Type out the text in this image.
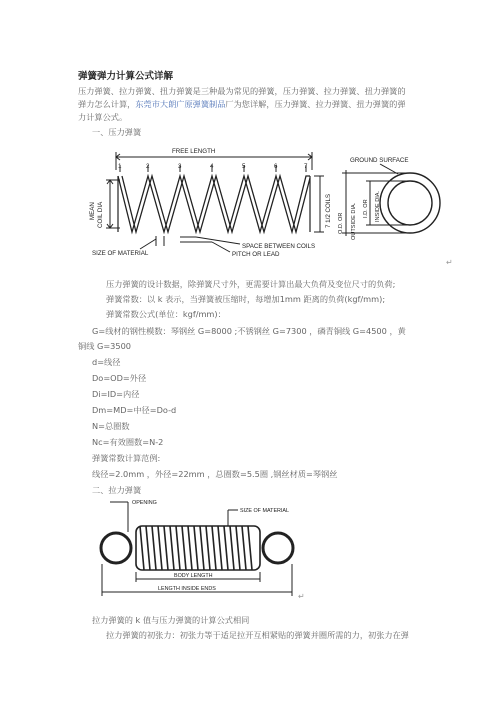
弹簧弹力计算公式详解
压力弹簧、拉力弹簧、扭力弹簧是三种最为常见的弹簧，压力弹簧、拉力弹簧、扭力弹簧的
弹力怎么计算，东莞市大朗广原弹簧制品厂为您详解，压力弹簧、拉力弹簧、扭力弹簧的弹
力计算公式。
一、压力弹簧
FREE LENGTH
1	2	3	4	5	6	7
MEAN COIL DIA	7 1/2 COILS
SIZE OF MATERIAL
SPACE BETWEEN COILS
PITCH OR LEAD
GROUND SURFACE
O.D. OR OUTSIDE DIA. I.D. OR INSIDE DIA.
↵
压力弹簧的设计数据，除弹簧尺寸外，更需要计算出最大负荷及变位尺寸的负荷;
弹簧常数：以 k 表示，当弹簧被压缩时，每增加1mm 距离的负荷(kgf/mm);
弹簧常数公式(单位：kgf/mm)：
G=线材的钢性模数：琴钢丝 G=8000 ;不锈钢丝 G=7300 ，磷青铜线 G=4500 ，黄
铜线 G=3500
d=线径
Do=OD=外径
Di=ID=内径
Dm=MD=中径=Do-d
N=总圈数
Nc=有效圈数=N-2
弹簧常数计算范例:
线径=2.0mm ，外径=22mm ，总圈数=5.5圈 ,钢丝材质=琴钢丝
二、拉力弹簧
OPENING
SIZE OF MATERIAL
BODY LENGTH
LENGTH INSIDE ENDS
↵
拉力弹簧的 k 值与压力弹簧的计算公式相同
拉力弹簧的初张力：初张力等于适足拉开互相紧贴的弹簧并圈所需的力，初张力在弹
